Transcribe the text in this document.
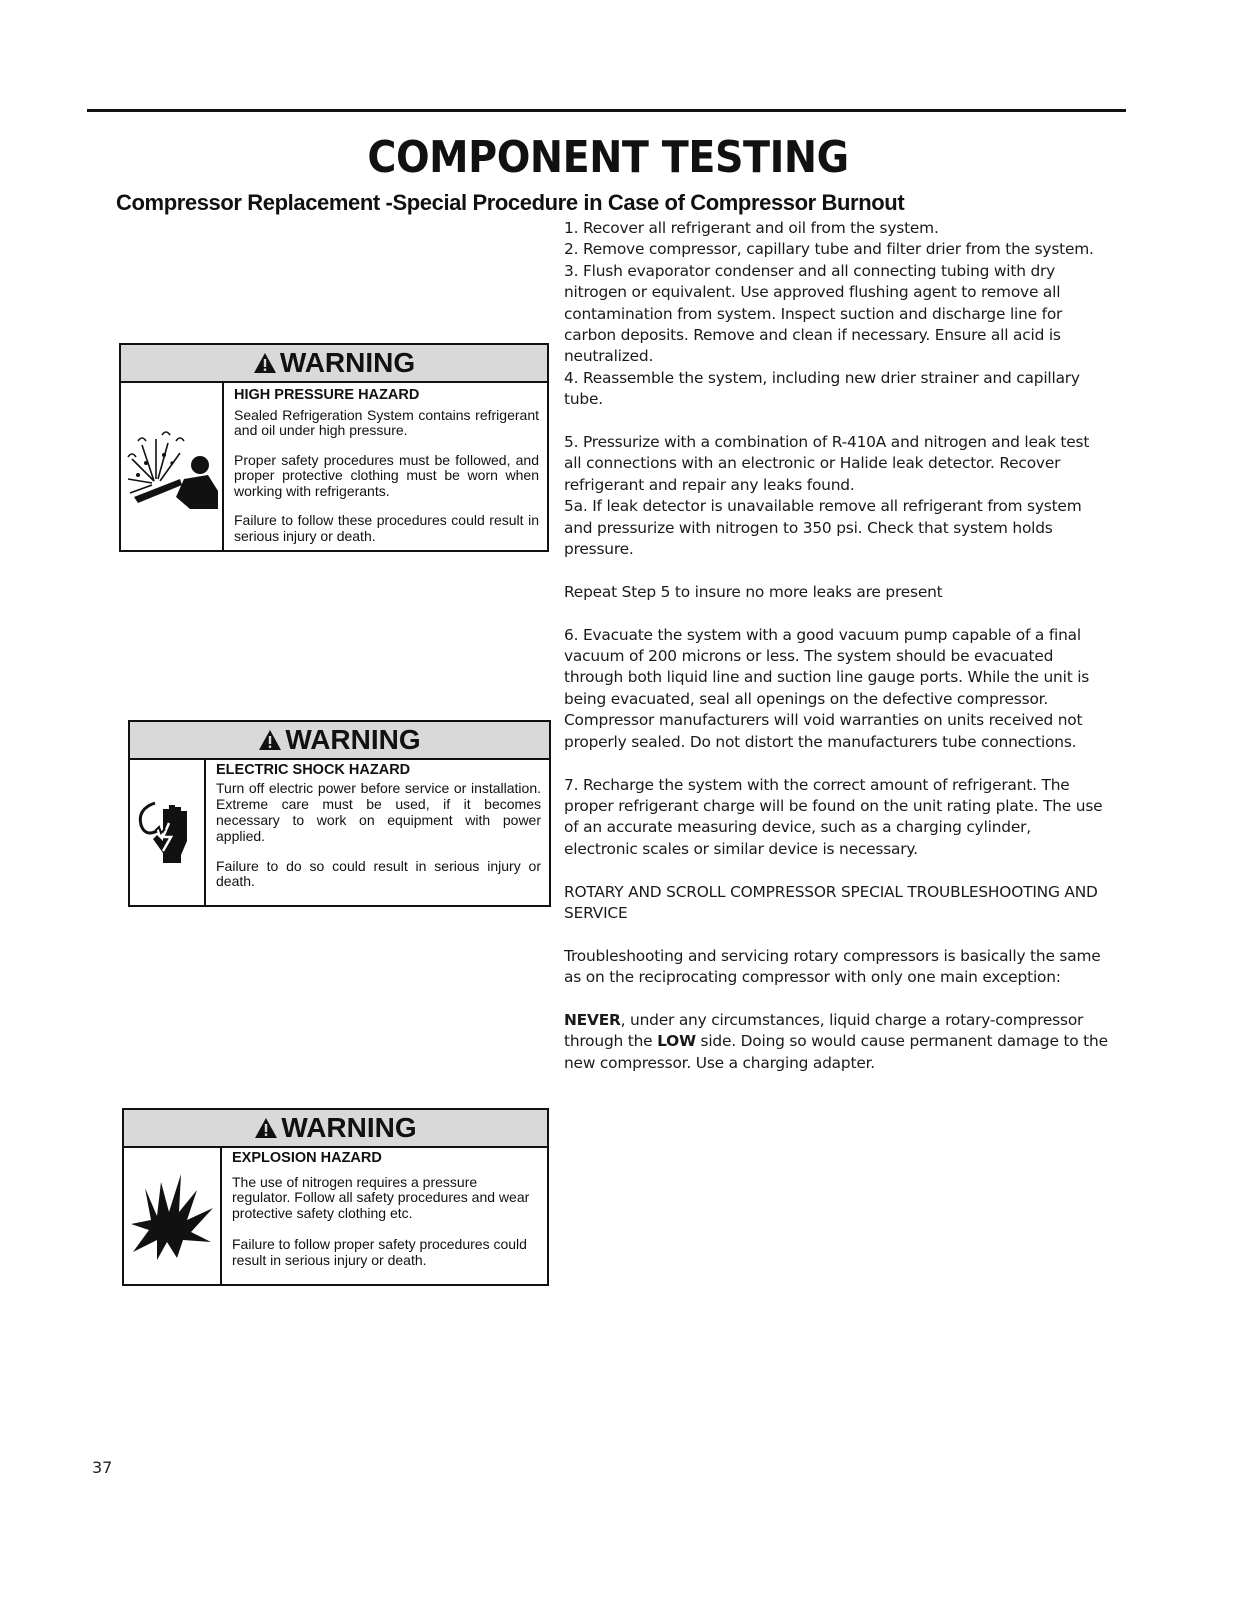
COMPONENT TESTING
Compressor Replacement -Special Procedure in Case of Compressor Burnout
WARNING
HIGH PRESSURE HAZARD

Sealed Refrigeration System contains refrigerant and oil under high pressure.

Proper safety procedures must be followed, and proper protective clothing must be worn when working with refrigerants.

Failure to follow these procedures could result in serious injury or death.

WARNING
ELECTRIC SHOCK HAZARD

Turn off electric power before service or installation. Extreme care must be used, if it becomes necessary to work on equipment with power applied.

Failure to do so could result in serious injury or death.

WARNING
EXPLOSION HAZARD

The use of nitrogen requires a pressure regulator. Follow all safety procedures and wear protective safety clothing etc.

Failure to follow proper safety procedures could result in serious injury or death.

1. Recover all refrigerant and oil from the system.

2. Remove compressor, capillary tube and filter drier from the system.

3. Flush evaporator condenser and all connecting tubing with dry nitrogen or equivalent. Use approved flushing agent to remove all contamination from system. Inspect suction and discharge line for carbon deposits. Remove and clean if necessary. Ensure all acid is neutralized.

4. Reassemble the system, including new drier strainer and capillary tube.

5. Pressurize with a combination of R-410A and nitrogen and leak test all connections with an electronic or Halide leak detector. Recover refrigerant and repair any leaks found.

5a. If leak detector is unavailable remove all refrigerant from system and pressurize with nitrogen to 350 psi. Check that system holds pressure.

Repeat Step 5 to insure no more leaks are present

6. Evacuate the system with a good vacuum pump capable of a final vacuum of 200 microns or less. The system should be evacuated through both liquid line and suction line gauge ports. While the unit is being evacuated, seal all openings on the defective compressor. Compressor manufacturers will void warranties on units received not properly sealed. Do not distort the manufacturers tube connections.

7. Recharge the system with the correct amount of refrigerant. The proper refrigerant charge will be found on the unit rating plate. The use of an accurate measuring device, such as a charging cylinder, electronic scales or similar device is necessary.

ROTARY AND SCROLL COMPRESSOR SPECIAL TROUBLESHOOTING AND SERVICE

Troubleshooting and servicing rotary compressors is basically the same as on the reciprocating compressor with only one main exception:

NEVER, under any circumstances, liquid charge a rotary-compressor through the LOW side. Doing so would cause permanent damage to the new compressor. Use a charging adapter.

37
